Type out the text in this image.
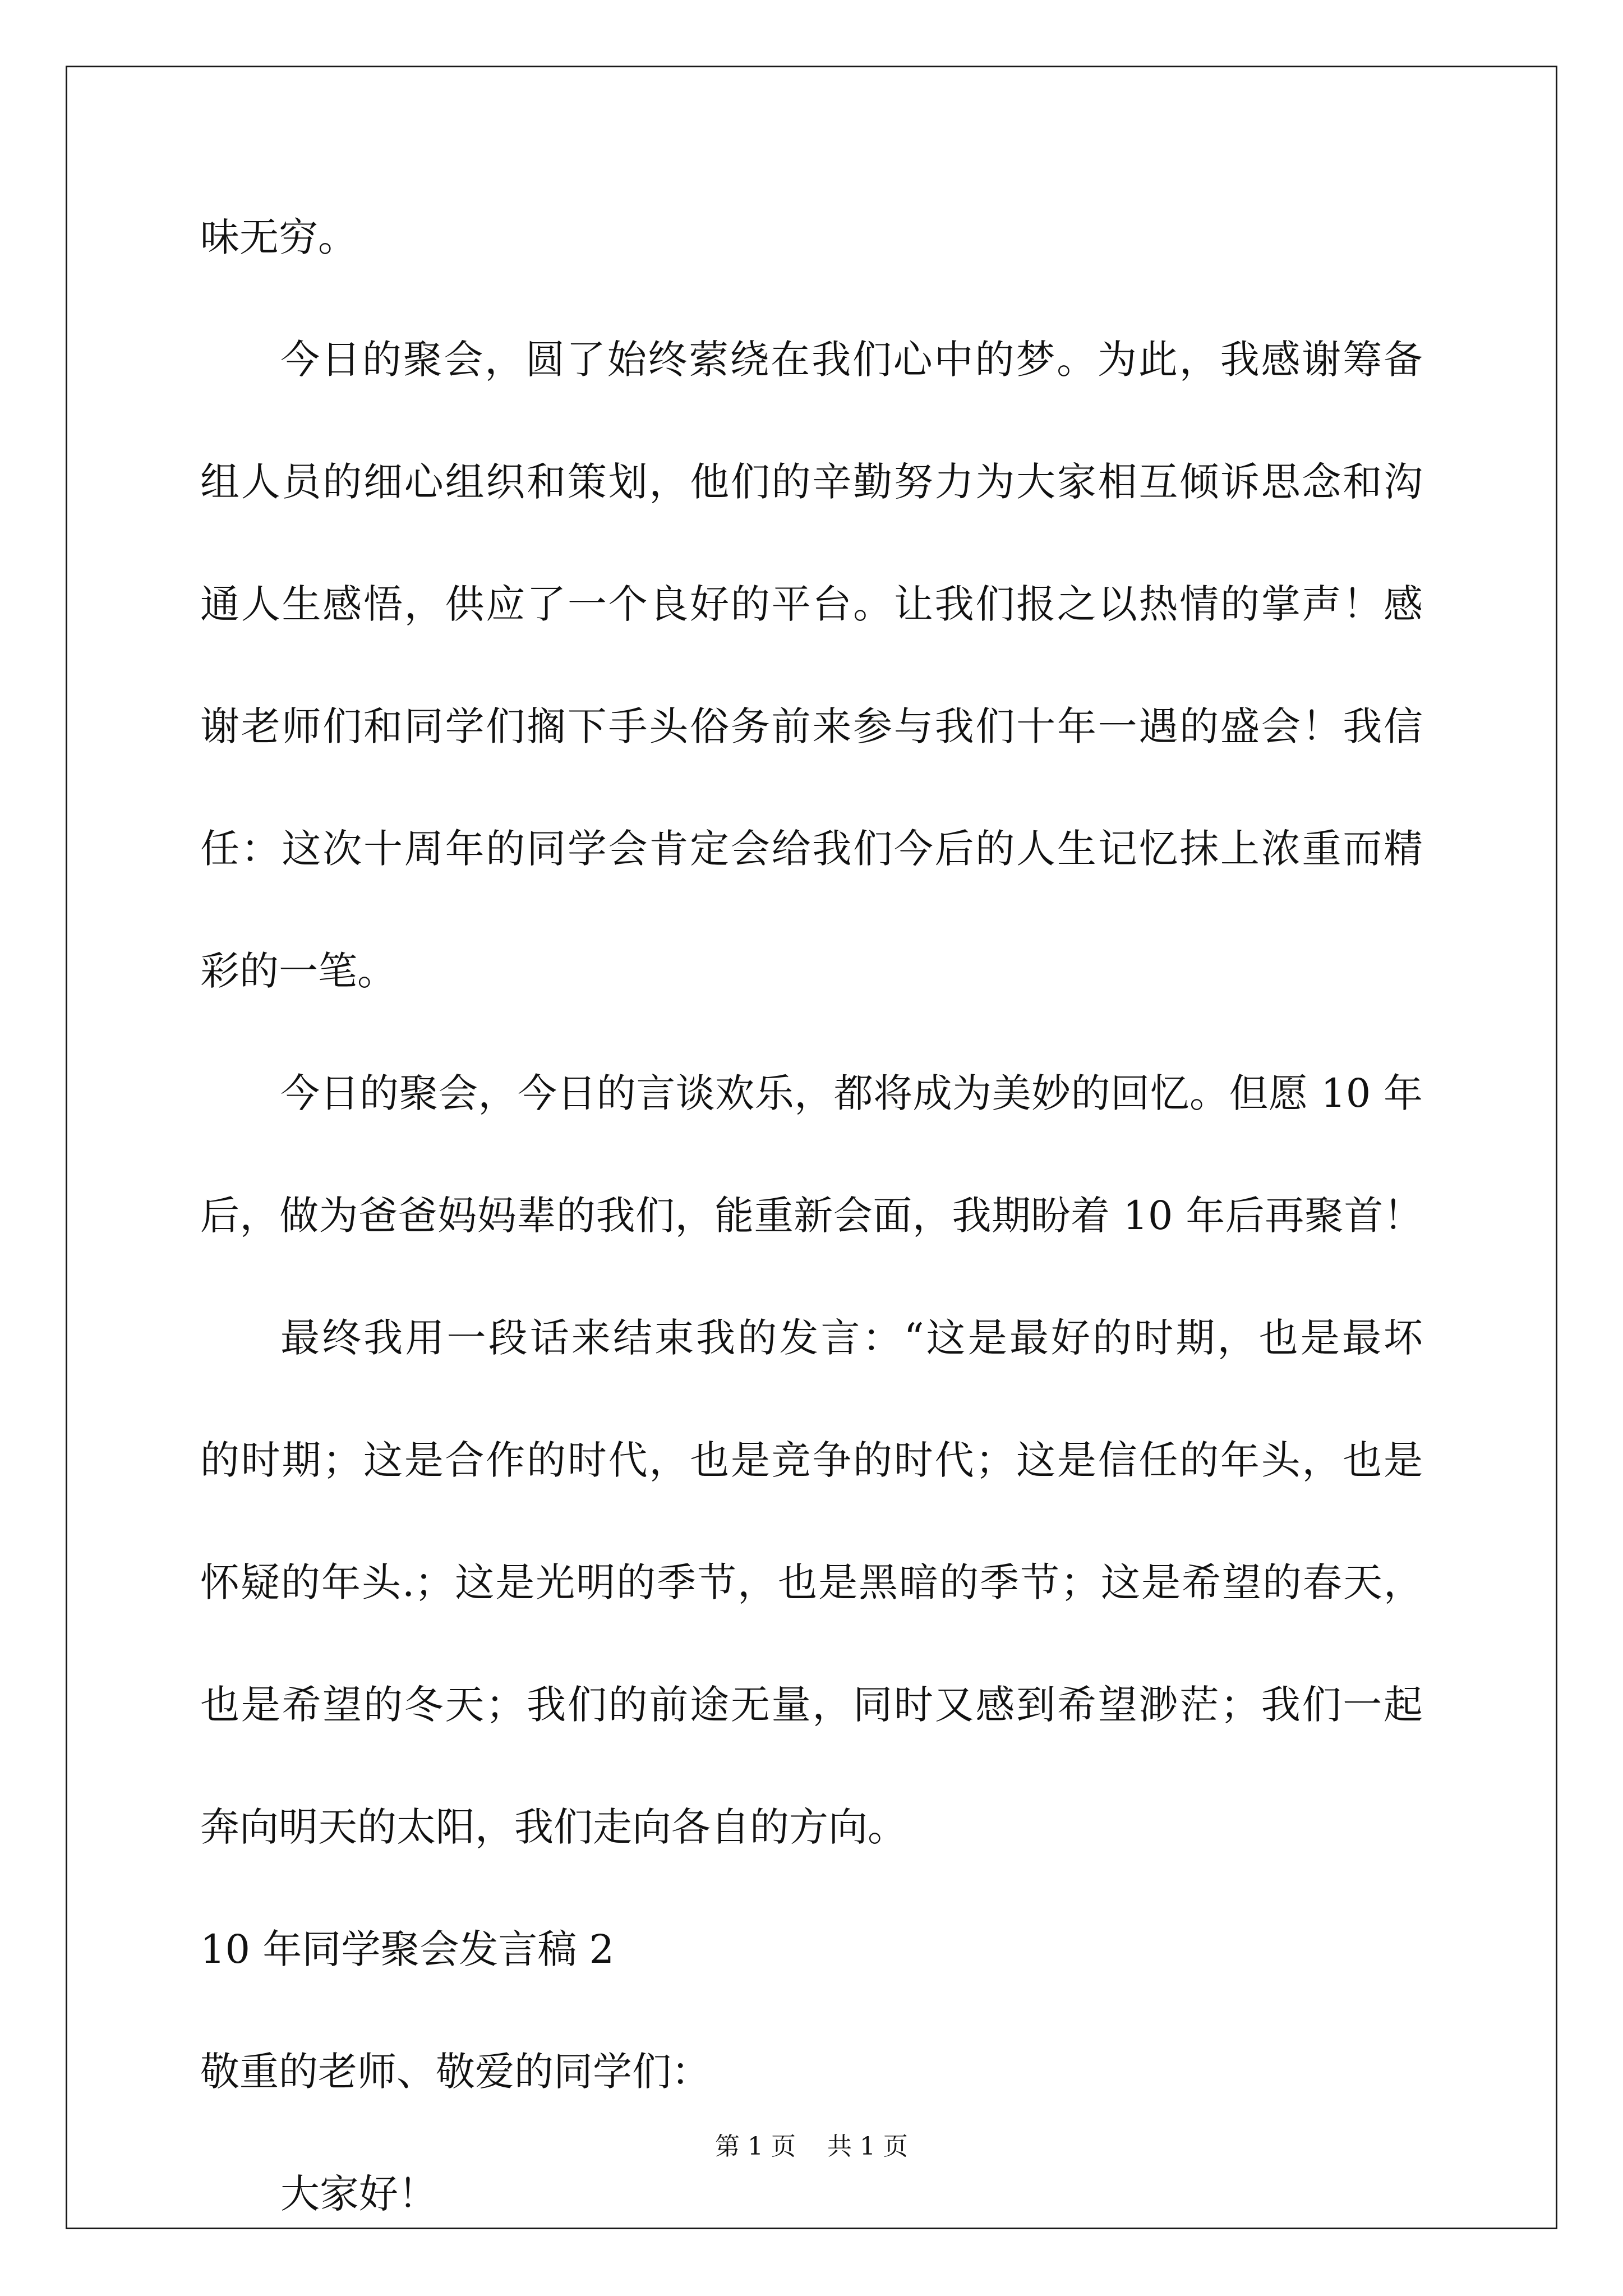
味无穷。
今日的聚会，圆了始终萦绕在我们心中的梦。为此，我感谢筹备
组人员的细心组织和策划，他们的辛勤努力为大家相互倾诉思念和沟
通人生感悟，供应了一个良好的平台。让我们报之以热情的掌声！感
谢老师们和同学们搁下手头俗务前来参与我们十年一遇的盛会！我信
任：这次十周年的同学会肯定会给我们今后的人生记忆抹上浓重而精
彩的一笔。
今日的聚会，今日的言谈欢乐，都将成为美妙的回忆。但愿 10 年
后，做为爸爸妈妈辈的我们，能重新会面，我期盼着 10 年后再聚首！
最终我用一段话来结束我的发言：“这是最好的时期，也是最坏
的时期；这是合作的时代，也是竞争的时代；这是信任的年头，也是
怀疑的年头.；这是光明的季节，也是黑暗的季节；这是希望的春天，
也是希望的冬天；我们的前途无量，同时又感到希望渺茫；我们一起
奔向明天的太阳，我们走向各自的方向。
10 年同学聚会发言稿 2
敬重的老师、敬爱的同学们：
大家好！
第 1 页    共 1 页
